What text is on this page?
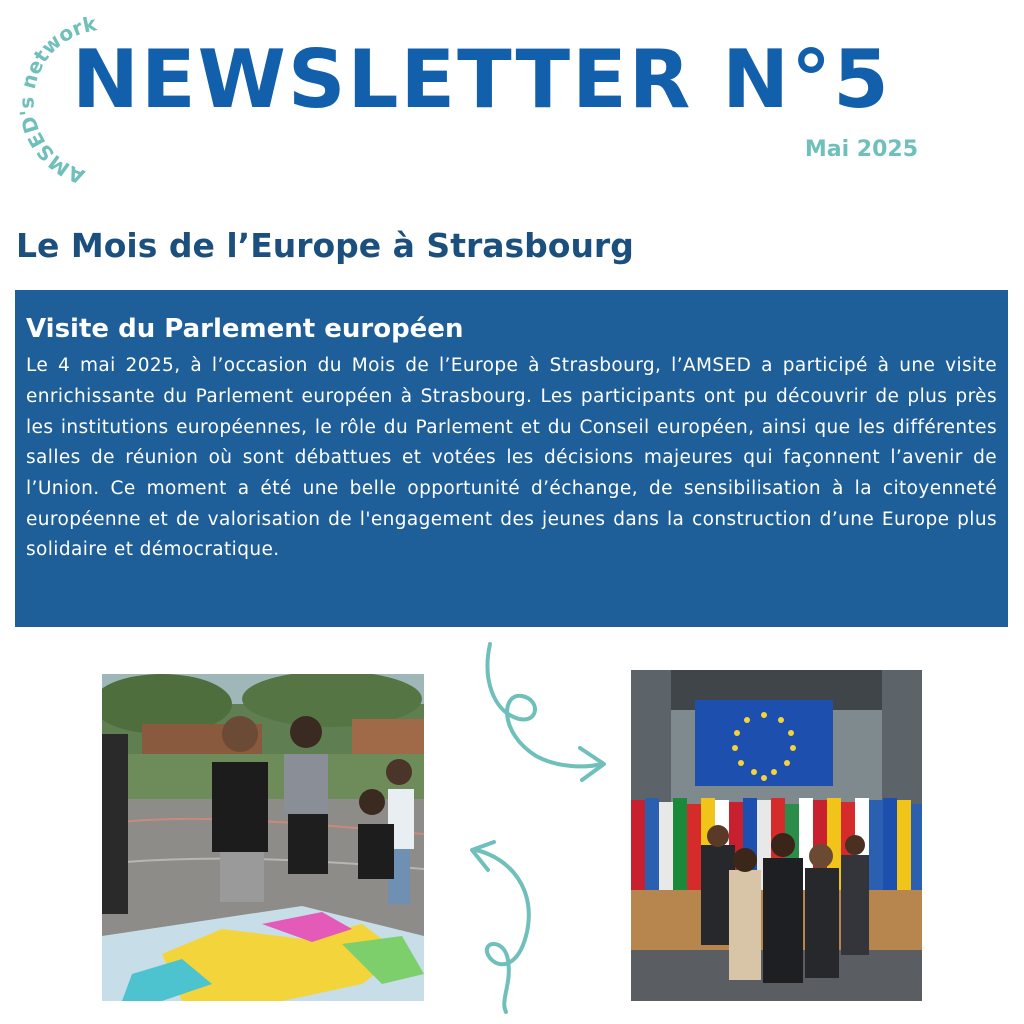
AMSED's network
NEWSLETTER N°5
Mai 2025
Le Mois de l’Europe à Strasbourg
Visite du Parlement européen

Le 4 mai 2025, à l’occasion du Mois de l’Europe à Strasbourg, l’AMSED a participé à une visite enrichissante du Parlement européen à Strasbourg. Les participants ont pu découvrir de plus près les institutions européennes, le rôle du Parlement et du Conseil européen, ainsi que les différentes salles de réunion où sont débattues et votées les décisions majeures qui façonnent l’avenir de l’Union. Ce moment a été une belle opportunité d’échange, de sensibilisation à la citoyenneté européenne et de valorisation de l'engagement des jeunes dans la construction d’une Europe plus solidaire et démocratique.
